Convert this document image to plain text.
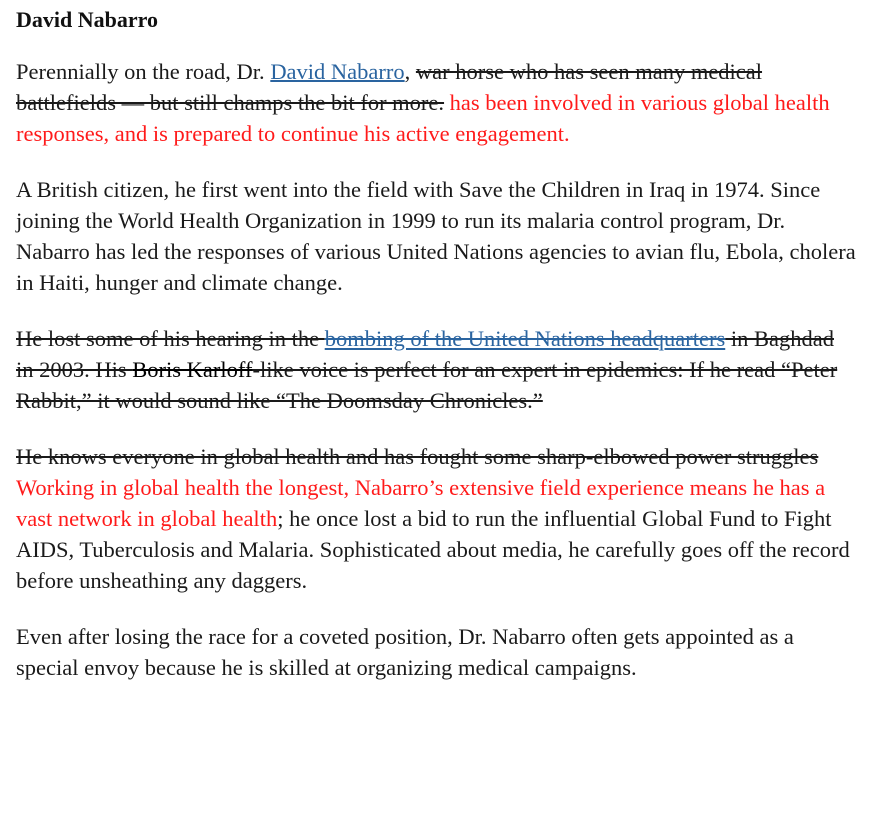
David Nabarro

Perennially on the road, Dr. David Nabarro, war horse who has seen many medical battlefields — but still champs the bit for more. has been involved in various global health responses, and is prepared to continue his active engagement.

A British citizen, he first went into the field with Save the Children in Iraq in 1974. Since joining the World Health Organization in 1999 to run its malaria control program, Dr. Nabarro has led the responses of various United Nations agencies to avian flu, Ebola, cholera in Haiti, hunger and climate change.

He lost some of his hearing in the bombing of the United Nations headquarters in Baghdad in 2003. His Boris Karloff-like voice is perfect for an expert in epidemics: If he read “Peter Rabbit,” it would sound like “The Doomsday Chronicles.”

He knows everyone in global health and has fought some sharp-elbowed power struggles Working in global health the longest, Nabarro’s extensive field experience means he has a vast network in global health; he once lost a bid to run the influential Global Fund to Fight AIDS, Tuberculosis and Malaria. Sophisticated about media, he carefully goes off the record before unsheathing any daggers.

Even after losing the race for a coveted position, Dr. Nabarro often gets appointed as a special envoy because he is skilled at organizing medical campaigns.
